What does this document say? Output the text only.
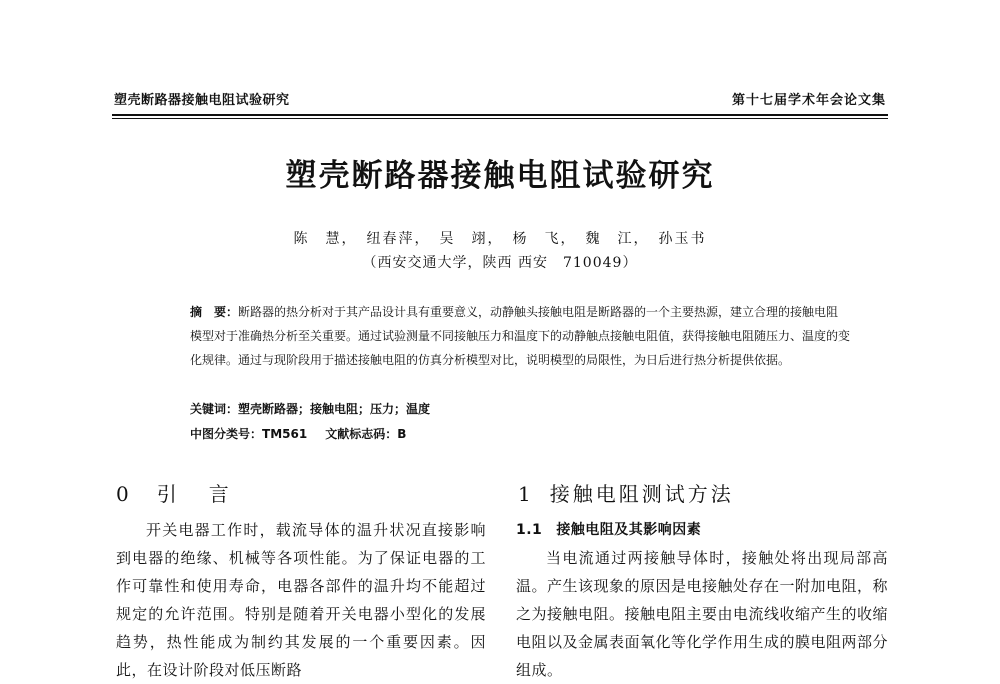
塑壳断路器接触电阻试验研究	第十七届学术年会论文集
塑壳断路器接触电阻试验研究
陈　慧，　纽春萍，　吴　翊，　杨　飞，　魏　江，　孙玉书
（西安交通大学，陕西 西安　710049）
摘　要：断路器的热分析对于其产品设计具有重要意义，动静触头接触电阻是断路器的一个主要热源，建立合理的接触电阻模型对于准确热分析至关重要。通过试验测量不同接触压力和温度下的动静触点接触电阻值，获得接触电阻随压力、温度的变化规律。通过与现阶段用于描述接触电阻的仿真分析模型对比，说明模型的局限性，为日后进行热分析提供依据。
关键词：塑壳断路器；接触电阻；压力；温度
中图分类号：TM561 文献标志码：B
0 引　言	1 接触电阻测试方法
开关电器工作时，载流导体的温升状况直接影响到电器的绝缘、机械等各项性能。为了保证电器的工作可靠性和使用寿命，电器各部件的温升均不能超过规定的允许范围。特别是随着开关电器小型化的发展趋势，热性能成为制约其发展的一个重要因素。因此，在设计阶段对低压断路
1.1 接触电阻及其影响因素
当电流通过两接触导体时，接触处将出现局部高温。产生该现象的原因是电接触处存在一附加电阻，称之为接触电阻。接触电阻主要由电流线收缩产生的收缩电阻以及金属表面氧化等化学作用生成的膜电阻两部分组成。
